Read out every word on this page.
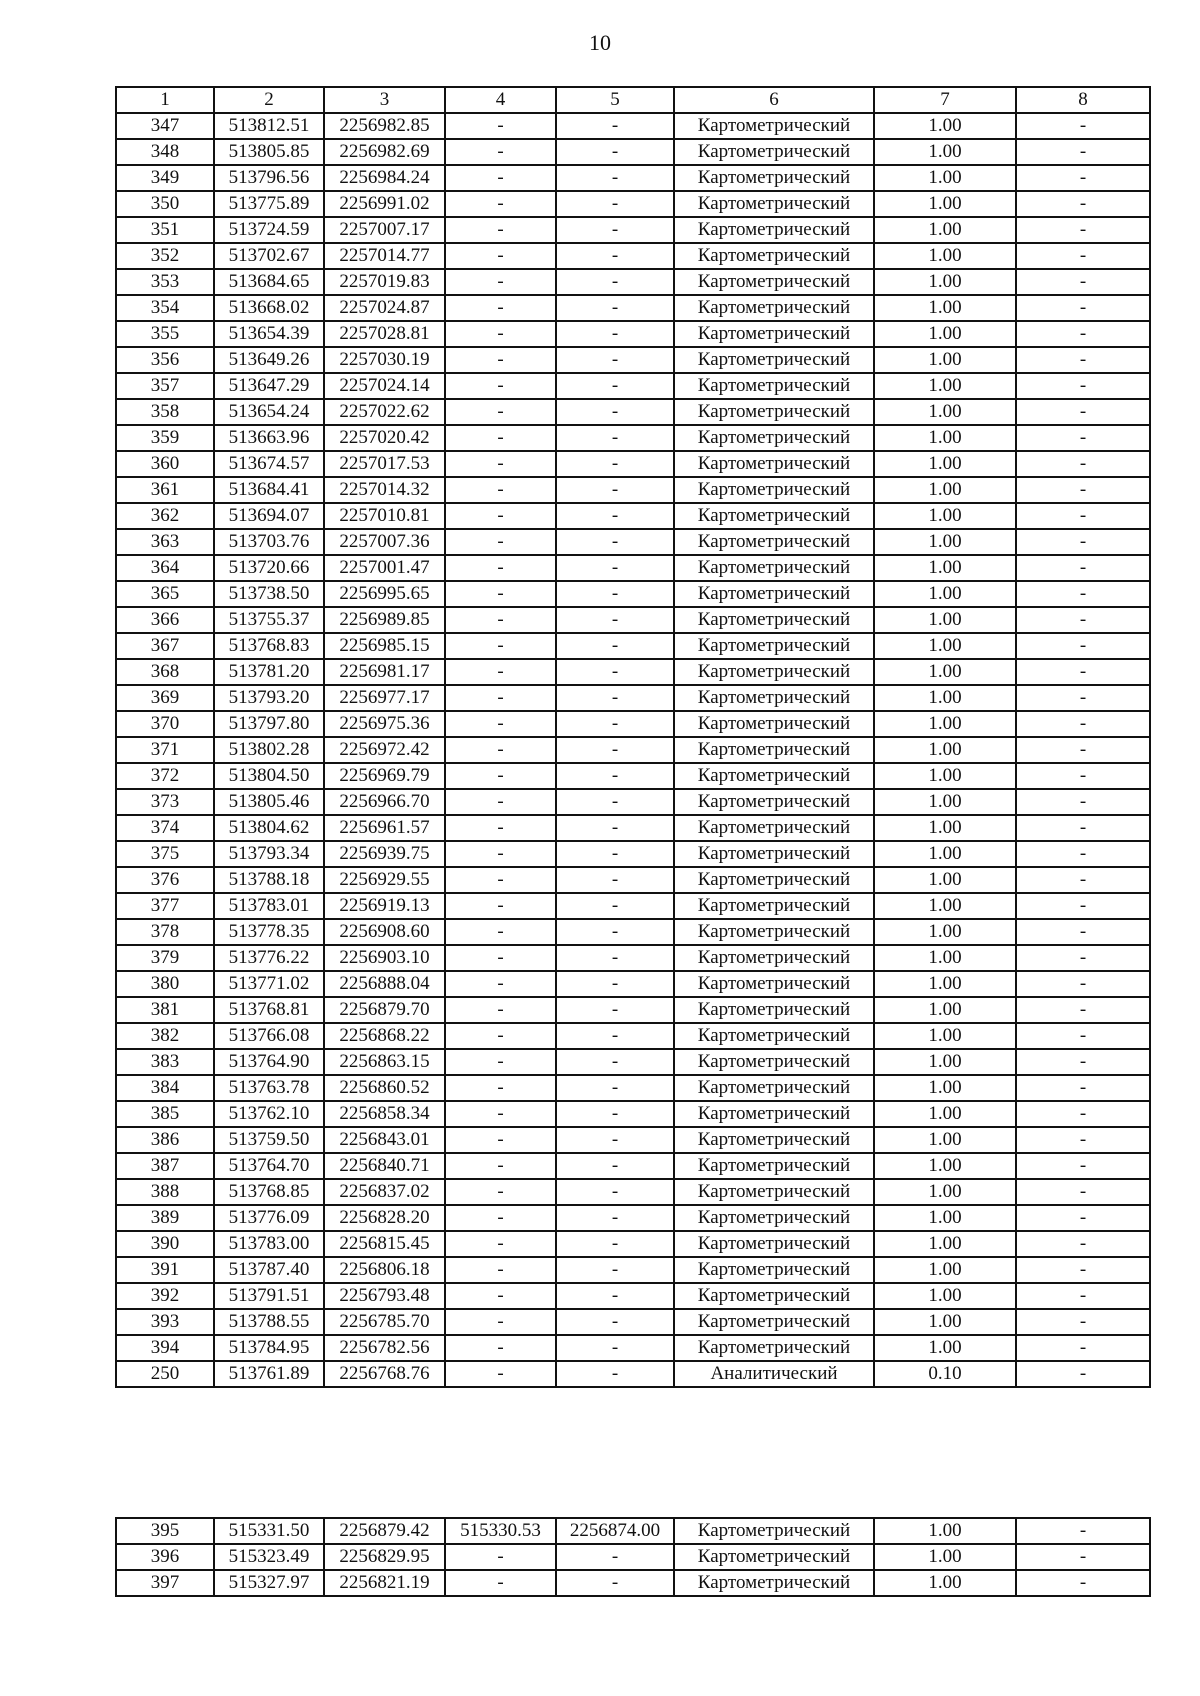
10
1	2	3	4	5	6	7	8
347	513812.51	2256982.85	-	-	Картометрический	1.00	-
348	513805.85	2256982.69	-	-	Картометрический	1.00	-
349	513796.56	2256984.24	-	-	Картометрический	1.00	-
350	513775.89	2256991.02	-	-	Картометрический	1.00	-
351	513724.59	2257007.17	-	-	Картометрический	1.00	-
352	513702.67	2257014.77	-	-	Картометрический	1.00	-
353	513684.65	2257019.83	-	-	Картометрический	1.00	-
354	513668.02	2257024.87	-	-	Картометрический	1.00	-
355	513654.39	2257028.81	-	-	Картометрический	1.00	-
356	513649.26	2257030.19	-	-	Картометрический	1.00	-
357	513647.29	2257024.14	-	-	Картометрический	1.00	-
358	513654.24	2257022.62	-	-	Картометрический	1.00	-
359	513663.96	2257020.42	-	-	Картометрический	1.00	-
360	513674.57	2257017.53	-	-	Картометрический	1.00	-
361	513684.41	2257014.32	-	-	Картометрический	1.00	-
362	513694.07	2257010.81	-	-	Картометрический	1.00	-
363	513703.76	2257007.36	-	-	Картометрический	1.00	-
364	513720.66	2257001.47	-	-	Картометрический	1.00	-
365	513738.50	2256995.65	-	-	Картометрический	1.00	-
366	513755.37	2256989.85	-	-	Картометрический	1.00	-
367	513768.83	2256985.15	-	-	Картометрический	1.00	-
368	513781.20	2256981.17	-	-	Картометрический	1.00	-
369	513793.20	2256977.17	-	-	Картометрический	1.00	-
370	513797.80	2256975.36	-	-	Картометрический	1.00	-
371	513802.28	2256972.42	-	-	Картометрический	1.00	-
372	513804.50	2256969.79	-	-	Картометрический	1.00	-
373	513805.46	2256966.70	-	-	Картометрический	1.00	-
374	513804.62	2256961.57	-	-	Картометрический	1.00	-
375	513793.34	2256939.75	-	-	Картометрический	1.00	-
376	513788.18	2256929.55	-	-	Картометрический	1.00	-
377	513783.01	2256919.13	-	-	Картометрический	1.00	-
378	513778.35	2256908.60	-	-	Картометрический	1.00	-
379	513776.22	2256903.10	-	-	Картометрический	1.00	-
380	513771.02	2256888.04	-	-	Картометрический	1.00	-
381	513768.81	2256879.70	-	-	Картометрический	1.00	-
382	513766.08	2256868.22	-	-	Картометрический	1.00	-
383	513764.90	2256863.15	-	-	Картометрический	1.00	-
384	513763.78	2256860.52	-	-	Картометрический	1.00	-
385	513762.10	2256858.34	-	-	Картометрический	1.00	-
386	513759.50	2256843.01	-	-	Картометрический	1.00	-
387	513764.70	2256840.71	-	-	Картометрический	1.00	-
388	513768.85	2256837.02	-	-	Картометрический	1.00	-
389	513776.09	2256828.20	-	-	Картометрический	1.00	-
390	513783.00	2256815.45	-	-	Картометрический	1.00	-
391	513787.40	2256806.18	-	-	Картометрический	1.00	-
392	513791.51	2256793.48	-	-	Картометрический	1.00	-
393	513788.55	2256785.70	-	-	Картометрический	1.00	-
394	513784.95	2256782.56	-	-	Картометрический	1.00	-
250	513761.89	2256768.76	-	-	Аналитический	0.10	-
395	515331.50	2256879.42	515330.53	2256874.00	Картометрический	1.00	-
396	515323.49	2256829.95	-	-	Картометрический	1.00	-
397	515327.97	2256821.19	-	-	Картометрический	1.00	-
